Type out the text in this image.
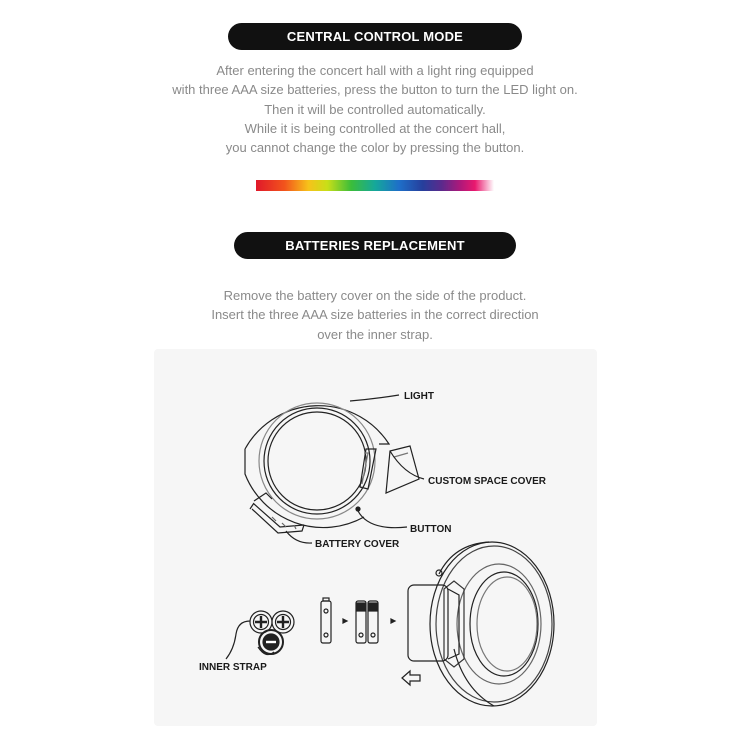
CENTRAL CONTROL MODE
After entering the concert hall with a light ring equipped
with three AAA size batteries, press the button to turn the LED light on.
Then it will be controlled automatically.
While it is being controlled at the concert hall,
you cannot change the color by pressing the button.
BATTERIES REPLACEMENT
Remove the battery cover on the side of the product.
Insert the three AAA size batteries in the correct direction
over the inner strap.
LIGHT
CUSTOM SPACE COVER
BUTTON
BATTERY COVER
INNER STRAP
